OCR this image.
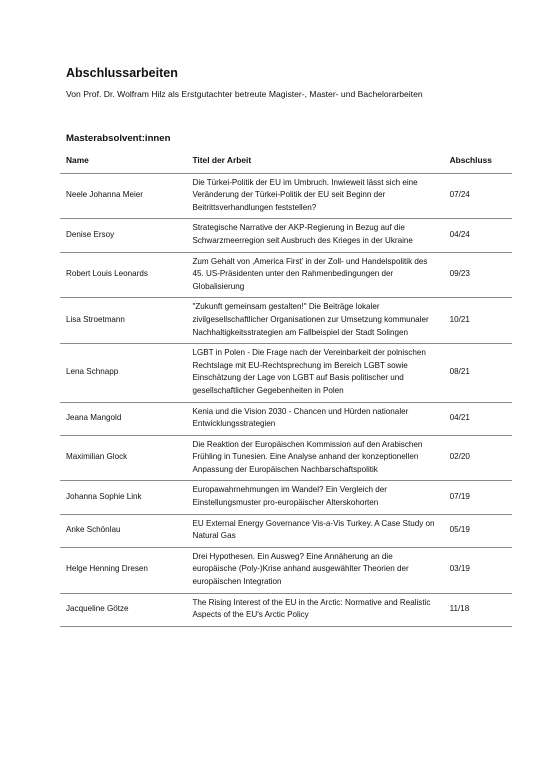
Abschlussarbeiten
Von Prof. Dr. Wolfram Hilz als Erstgutachter betreute Magister-, Master- und Bachelorarbeiten
Masterabsolvent:innen
Name	Titel der Arbeit	Abschluss
Neele Johanna Meier	Die Türkei-Politik der EU im Umbruch. Inwieweit lässt sich eine Veränderung der Türkei-Politik der EU seit Beginn der Beitrittsverhandlungen feststellen?	07/24
Denise Ersoy	Strategische Narrative der AKP-Regierung in Bezug auf die Schwarzmeerregion seit Ausbruch des Krieges in der Ukraine	04/24
Robert Louis Leonards	Zum Gehalt von ‚America First’ in der Zoll- und Handelspolitik des 45. US-Präsidenten unter den Rahmenbedingungen der Globalisierung	09/23
Lisa Stroetmann	"Zukunft gemeinsam gestalten!" Die Beiträge lokaler zivilgesellschaftlicher Organisationen zur Umsetzung kommunaler Nachhaltigkeitsstrategien am Fallbeispiel der Stadt Solingen	10/21
Lena Schnapp	LGBT in Polen - Die Frage nach der Vereinbarkeit der polnischen Rechtslage mit EU-Rechtsprechung im Bereich LGBT sowie Einschätzung der Lage von LGBT auf Basis politischer und gesellschaftlicher Gegebenheiten in Polen	08/21
Jeana Mangold	Kenia und die Vision 2030 - Chancen und Hürden nationaler Entwicklungsstrategien	04/21
Maximilian Glock	Die Reaktion der Europäischen Kommission auf den Arabischen Frühling in Tunesien. Eine Analyse anhand der konzeptionellen Anpassung der Europäischen Nachbarschaftspolitik	02/20
Johanna Sophie Link	Europawahrnehmungen im Wandel? Ein Vergleich der Einstellungsmuster pro-europäischer Alterskohorten	07/19
Anke Schönlau	EU External Energy Governance Vis-a-Vis Turkey. A Case Study on Natural Gas	05/19
Helge Henning Dresen	Drei Hypothesen. Ein Ausweg? Eine Annäherung an die europäische (Poly-)Krise anhand ausgewählter Theorien der europäischen Integration	03/19
Jacqueline Götze	The Rising Interest of the EU in the Arctic: Normative and Realistic Aspects of the EU's Arctic Policy	11/18
